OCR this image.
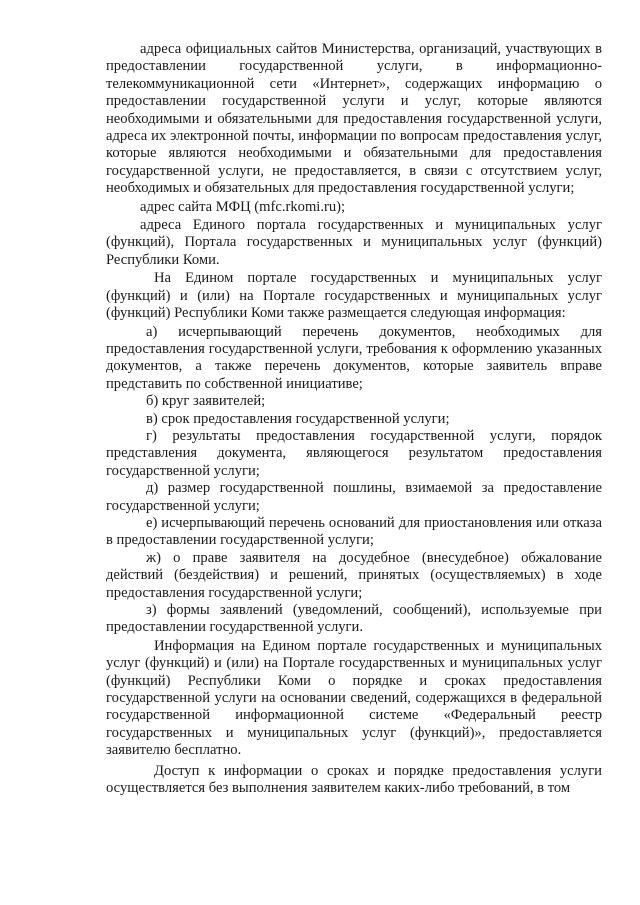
адреса официальных сайтов Министерства, организаций, участвующих в предоставлении государственной услуги, в информационно-телекоммуникационной сети «Интернет», содержащих информацию о предоставлении государственной услуги и услуг, которые являются необходимыми и обязательными для предоставления государственной услуги, адреса их электронной почты, информации по вопросам предоставления услуг, которые являются необходимыми и обязательными для предоставления государственной услуги, не предоставляется, в связи с отсутствием услуг, необходимых и обязательных для предоставления государственной услуги;

адрес сайта МФЦ (mfc.rkomi.ru);

адреса Единого портала государственных и муниципальных услуг (функций), Портала государственных и муниципальных услуг (функций) Республики Коми.

На Едином портале государственных и муниципальных услуг (функций) и (или) на Портале государственных и муниципальных услуг (функций) Республики Коми также размещается следующая информация:

а) исчерпывающий перечень документов, необходимых для предоставления государственной услуги, требования к оформлению указанных документов, а также перечень документов, которые заявитель вправе представить по собственной инициативе;

б) круг заявителей;

в) срок предоставления государственной услуги;

г) результаты предоставления государственной услуги, порядок представления документа, являющегося результатом предоставления государственной услуги;

д) размер государственной пошлины, взимаемой за предоставление государственной услуги;

е) исчерпывающий перечень оснований для приостановления или отказа в предоставлении государственной услуги;

ж) о праве заявителя на досудебное (внесудебное) обжалование действий (бездействия) и решений, принятых (осуществляемых) в ходе предоставления государственной услуги;

з) формы заявлений (уведомлений, сообщений), используемые при предоставлении государственной услуги.

Информация на Едином портале государственных и муниципальных услуг (функций) и (или) на Портале государственных и муниципальных услуг (функций) Республики Коми о порядке и сроках предоставления государственной услуги на основании сведений, содержащихся в федеральной государственной информационной системе «Федеральный реестр государственных и муниципальных услуг (функций)», предоставляется заявителю бесплатно.

Доступ к информации о сроках и порядке предоставления услуги осуществляется без выполнения заявителем каких-либо требований, в том
